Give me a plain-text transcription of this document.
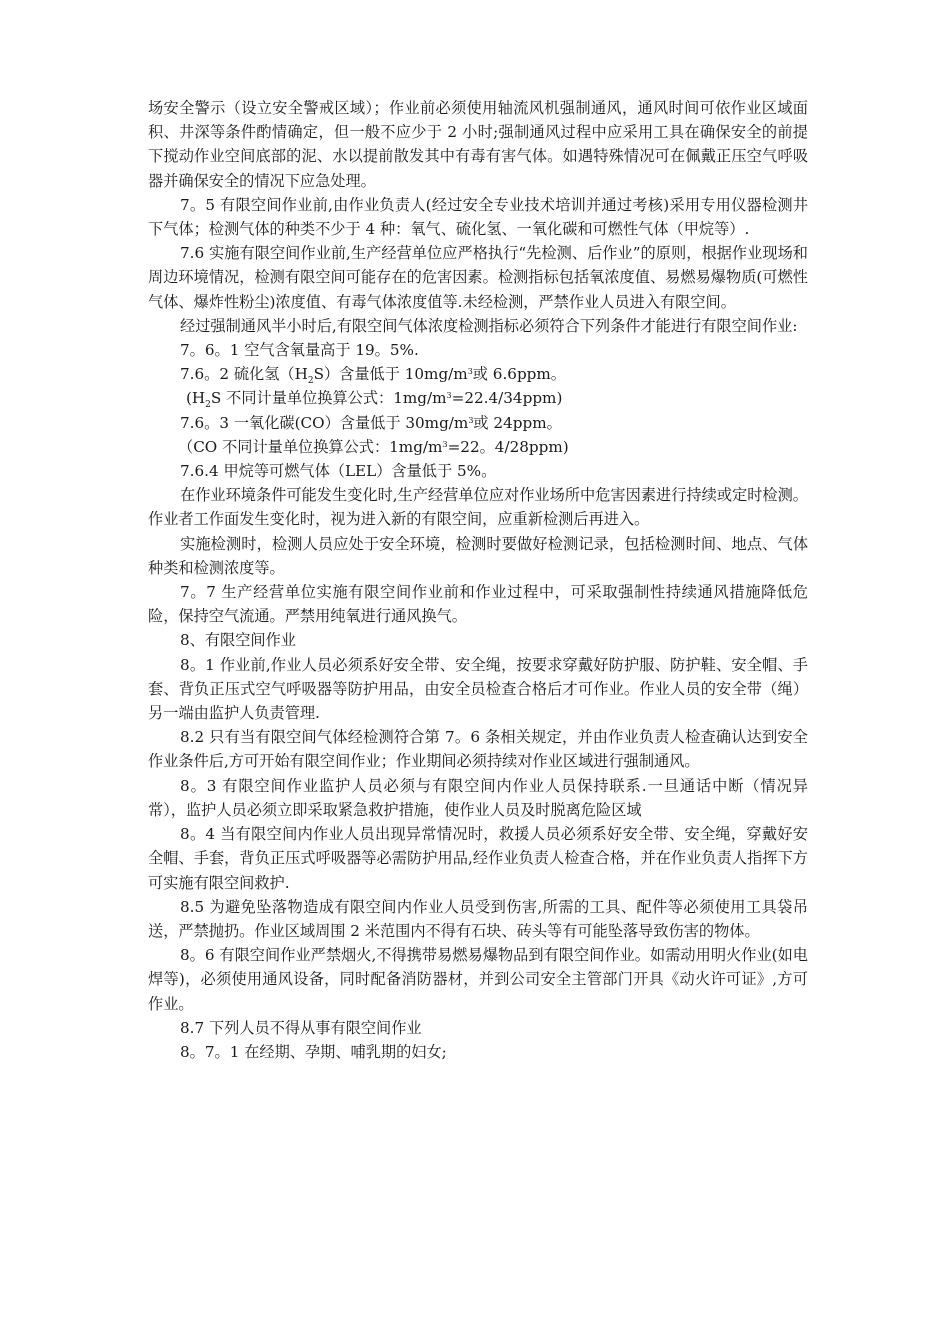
场安全警示（设立安全警戒区域）；作业前必须使用轴流风机强制通风，通风时间可依作业区域面积、井深等条件酌情确定，但一般不应少于 2 小时;强制通风过程中应采用工具在确保安全的前提下搅动作业空间底部的泥、水以提前散发其中有毒有害气体。如遇特殊情况可在佩戴正压空气呼吸器并确保安全的情况下应急处理。

7。5 有限空间作业前,由作业负责人(经过安全专业技术培训并通过考核)采用专用仪器检测井下气体；检测气体的种类不少于 4 种：氧气、硫化氢、一氧化碳和可燃性气体（甲烷等）.

7.6 实施有限空间作业前,生产经营单位应严格执行“先检测、后作业”的原则，根据作业现场和周边环境情况，检测有限空间可能存在的危害因素。检测指标包括氧浓度值、易燃易爆物质(可燃性气体、爆炸性粉尘)浓度值、有毒气体浓度值等.未经检测，严禁作业人员进入有限空间。

经过强制通风半小时后,有限空间气体浓度检测指标必须符合下列条件才能进行有限空间作业:

7。6。1 空气含氧量高于 19。5%.

7.6。2 硫化氢$(H_2S)$含量低于 $10mg/m^3$或 6.6ppm。

($H_2S$ 不同计量单位换算公式：$1mg/m^3=22.4/34ppm$)

7.6。3 一氧化碳(CO）含量低于 $30mg/m^3$或 24ppm。

（CO 不同计量单位换算公式：$1mg/m^3=22$。4/28ppm)

7.6.4 甲烷等可燃气体（LEL）含量低于 5%。

在作业环境条件可能发生变化时,生产经营单位应对作业场所中危害因素进行持续或定时检测。作业者工作面发生变化时，视为进入新的有限空间，应重新检测后再进入。

实施检测时，检测人员应处于安全环境，检测时要做好检测记录，包括检测时间、地点、气体种类和检测浓度等。

7。7 生产经营单位实施有限空间作业前和作业过程中，可采取强制性持续通风措施降低危险，保持空气流通。严禁用纯氧进行通风换气。

8、有限空间作业

8。1 作业前,作业人员必须系好安全带、安全绳，按要求穿戴好防护服、防护鞋、安全帽、手套、背负正压式空气呼吸器等防护用品，由安全员检查合格后才可作业。作业人员的安全带（绳）另一端由监护人负责管理.

8.2 只有当有限空间气体经检测符合第 7。6 条相关规定，并由作业负责人检查确认达到安全作业条件后,方可开始有限空间作业；作业期间必须持续对作业区域进行强制通风。

8。3 有限空间作业监护人员必须与有限空间内作业人员保持联系.一旦通话中断（情况异常），监护人员必须立即采取紧急救护措施，使作业人员及时脱离危险区域

8。4 当有限空间内作业人员出现异常情况时，救援人员必须系好安全带、安全绳，穿戴好安全帽、手套，背负正压式呼吸器等必需防护用品,经作业负责人检查合格，并在作业负责人指挥下方可实施有限空间救护.

8.5 为避免坠落物造成有限空间内作业人员受到伤害,所需的工具、配件等必须使用工具袋吊送，严禁抛扔。作业区域周围 2 米范围内不得有石块、砖头等有可能坠落导致伤害的物体。

8。6 有限空间作业严禁烟火,不得携带易燃易爆物品到有限空间作业。如需动用明火作业(如电焊等)，必须使用通风设备，同时配备消防器材，并到公司安全主管部门开具《动火许可证》,方可作业。

8.7 下列人员不得从事有限空间作业

8。7。1 在经期、孕期、哺乳期的妇女;
